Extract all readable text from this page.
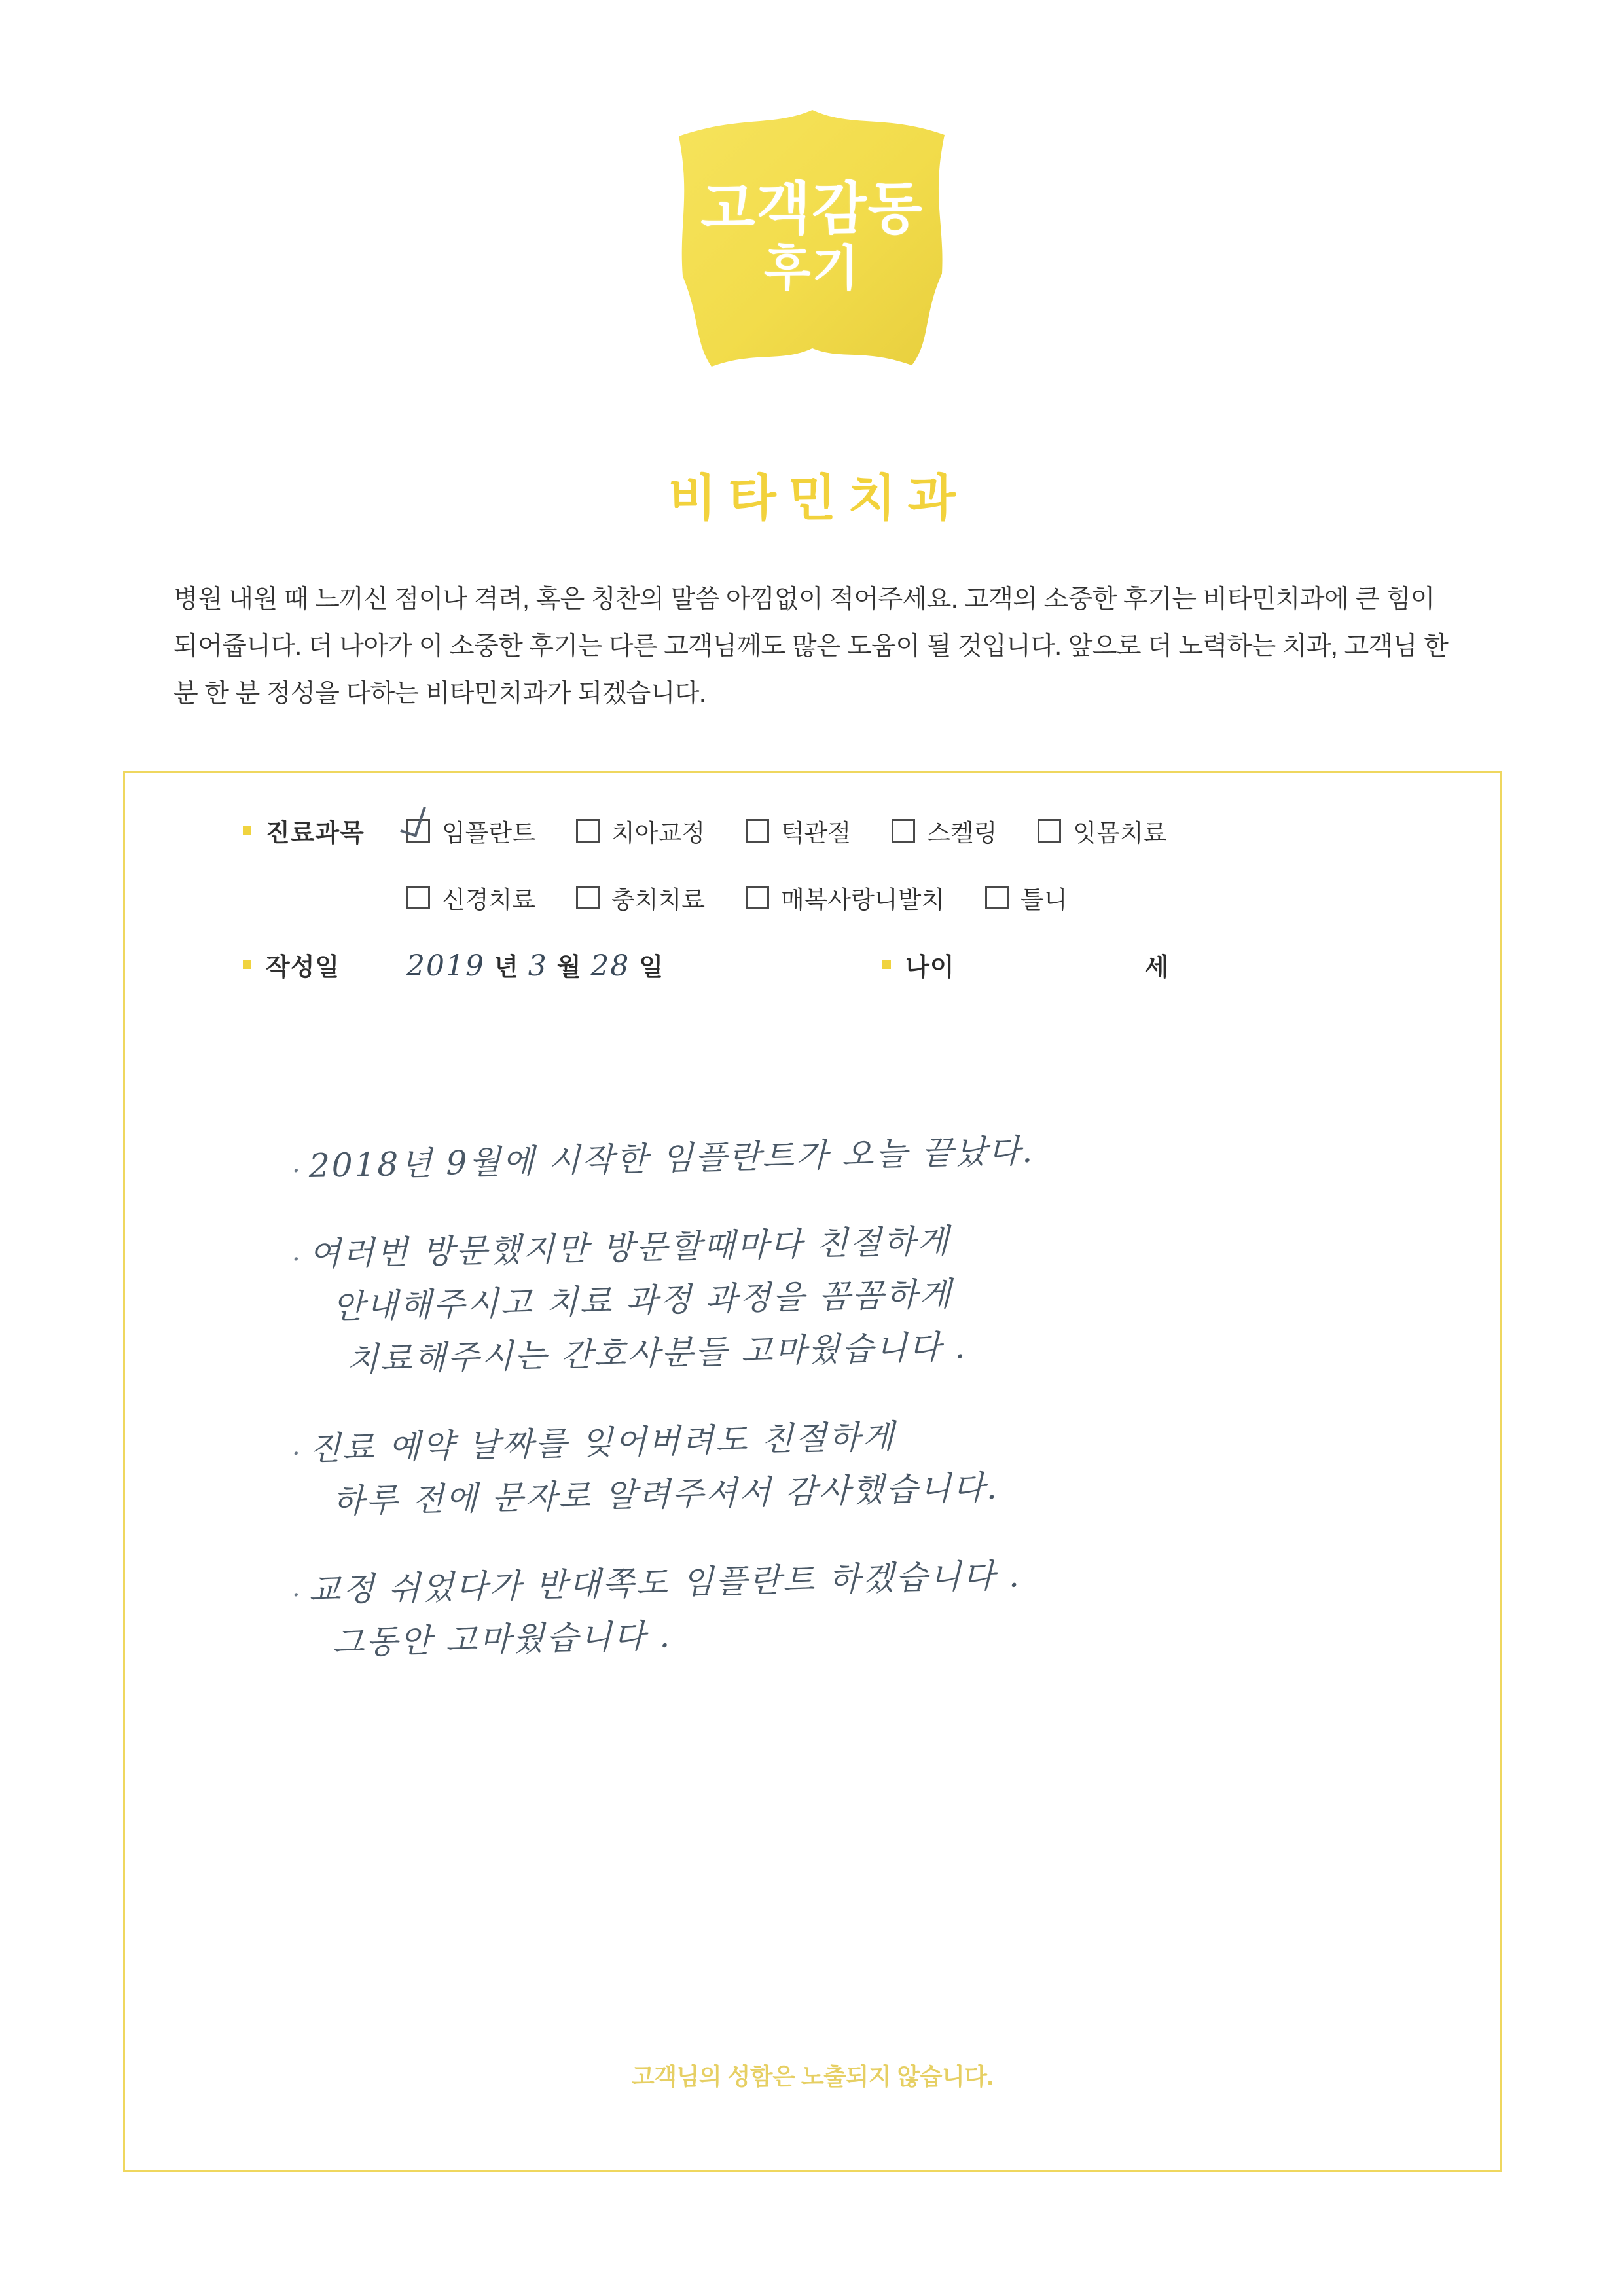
고객감동
후기
비타민치과
병원 내원 때 느끼신 점이나 격려, 혹은 칭찬의 말씀 아낌없이 적어주세요. 고객의 소중한 후기는 비타민치과에 큰 힘이 되어줍니다. 더 나아가 이 소중한 후기는 다른 고객님께도 많은 도움이 될 것입니다. 앞으로 더 노력하는 치과, 고객님 한 분 한 분 정성을 다하는 비타민치과가 되겠습니다.
진료과목	임플란트	치아교정	턱관절	스켈링	잇몸치료
신경치료	충치치료	매복사랑니발치	틀니
작성일 2019 년 3 월 28 일	나이	세
· 2018년 9월에 시작한 임플란트가 오늘 끝났다.
· 여러번 방문했지만 방문할때마다 친절하게
안내해주시고 치료 과정 과정을 꼼꼼하게
치료해주시는 간호사분들 고마웠습니다 .
· 진료 예약 날짜를 잊어버려도 친절하게
하루 전에 문자로 알려주셔서 감사했습니다.
· 교정 쉬었다가 반대쪽도 임플란트 하겠습니다 .
그동안 고마웠습니다 .
고객님의 성함은 노출되지 않습니다.
